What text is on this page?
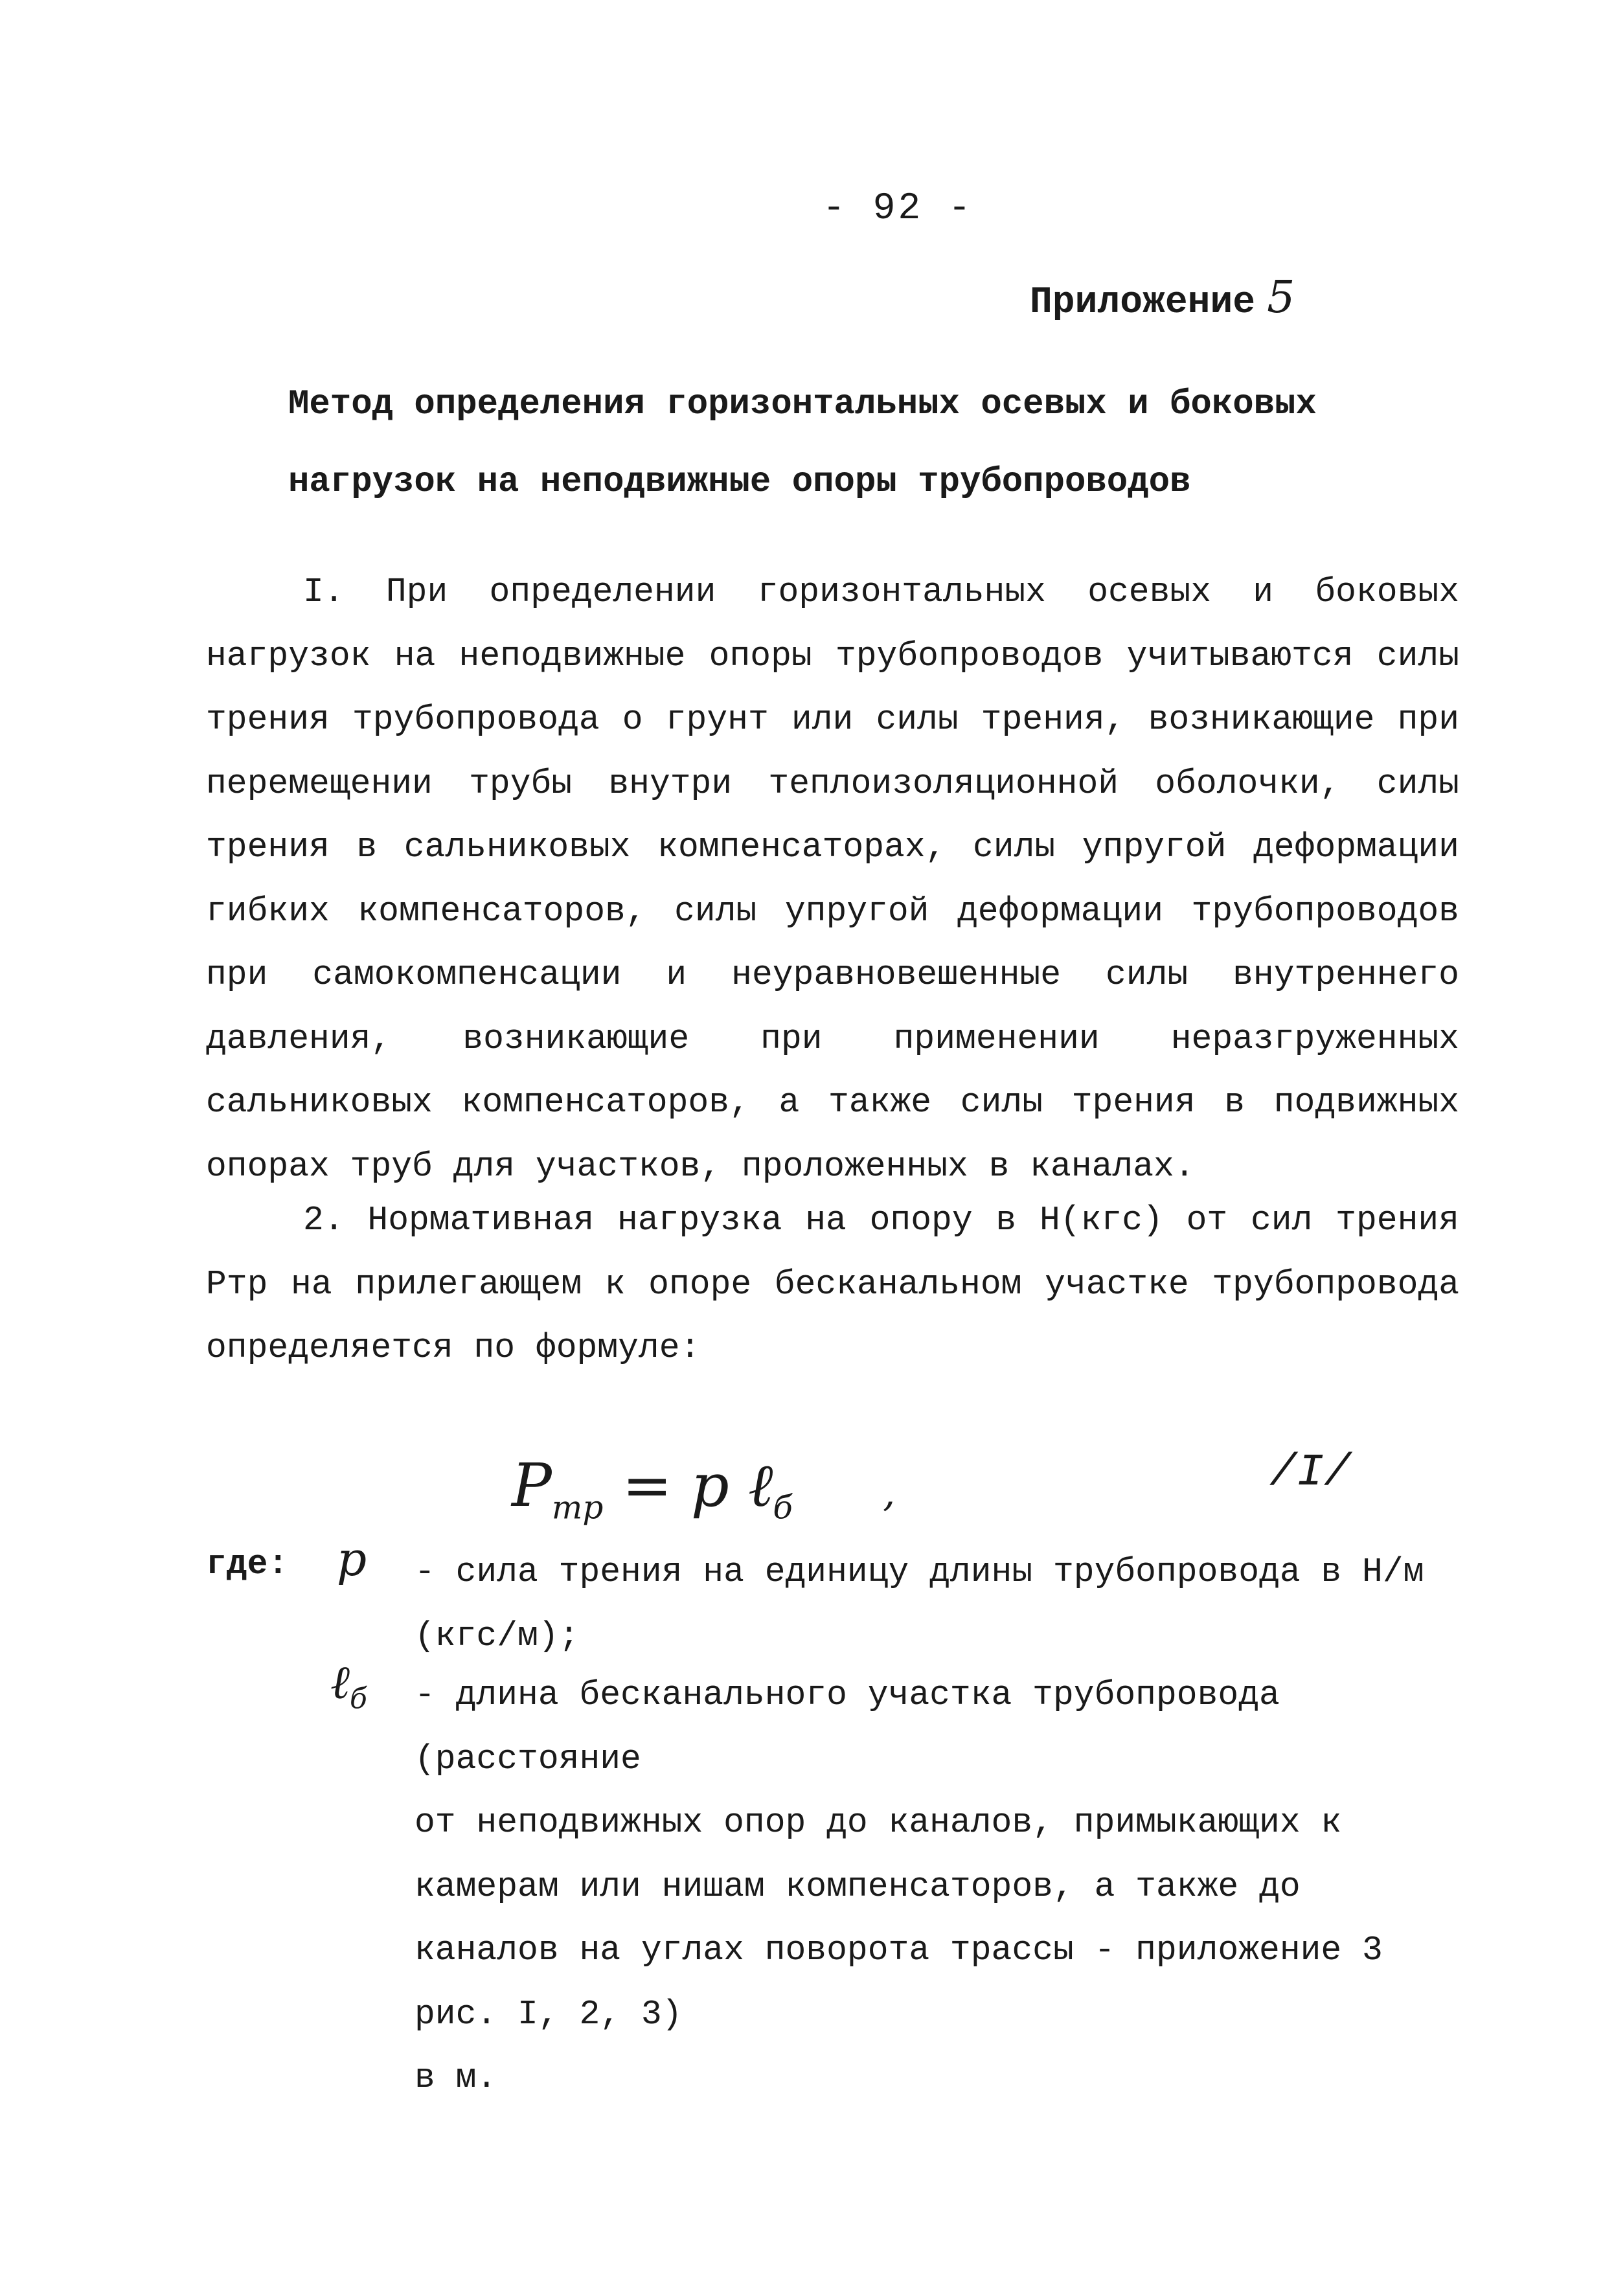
- 92 -
Приложение 5
Метод определения горизонтальных осевых и боковых
нагрузок на неподвижные опоры трубопроводов
I. При определении горизонтальных осевых и боковых нагрузок на неподвижные опоры трубопроводов учитываются силы трения трубопровода о грунт или силы трения, возникающие при перемещении трубы внутри теплоизоляционной оболочки, силы трения в сальниковых компенсаторах, силы упругой деформации гибких компенсаторов, силы упругой деформации трубопроводов при самокомпенсации и неуравновешенные силы внутреннего давления, возникающие при применении неразгруженных сальниковых компенсаторов, а также силы трения в подвижных опорах труб для участков, проложенных в каналах.
2. Нормативная нагрузка на опору в Н(кгс) от сил трения Pтр на прилегающем к опоре бесканальном участке трубопровода определяется по формуле:
$P_{тр} = p$ ℓ$_б$ ,	/I/
где: p - сила трения на единицу длины трубопровода в Н/м
(кгс/м);
ℓ$_б$ - длина бесканального участка трубопровода (расстояние
от неподвижных опор до каналов, примыкающих к камерам или нишам компенсаторов, а также до каналов на углах поворота трассы - приложение 3 рис. I, 2, 3)
в м.
